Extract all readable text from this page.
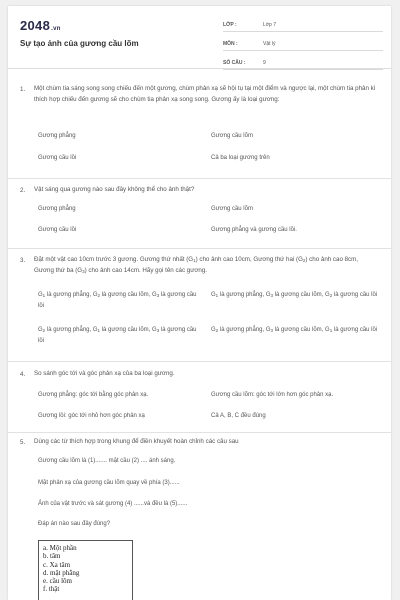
2048.vn
Sự tạo ảnh của gương cầu lõm
LỚP :	Lớp 7
MÔN :	Vật lý
SỐ CÂU :	9
1. Một chùm tia sáng song song chiếu đến một gương, chùm phản xạ sẽ hội tụ tại một điểm và ngược lại, một chùm tia phân kì thích hợp chiếu đến gương sẽ cho chùm tia phản xạ song song. Gương ấy là loại gương:
Gương phẳng	Gương cầu lõm
Gương cầu lồi	Cả ba loại gương trên
2. Vật sáng qua gương nào sau đây không thể cho ảnh thật?
Gương phẳng	Gương cầu lõm
Gương cầu lồi	Gương phẳng và gương cầu lồi.
3. Đặt một vật cao 10cm trước 3 gương. Gương thứ nhất $(G_1)$ cho ảnh cao 10cm, Gương thứ hai $(G_2)$ cho ảnh cao 8cm, Gương thứ ba $(G_3)$ cho ảnh cao 14cm. Hãy gọi tên các gương.
$G_1$ là gương phẳng, $G_2$ là gương cầu lõm, $G_3$ là gương cầu lồi
$G_1$ là gương phẳng, $G_3$ là gương cầu lõm, $G_2$ là gương cầu lồi
$G_2$ là gương phẳng, $G_1$ là gương cầu lõm, $G_3$ là gương cầu lồi
$G_2$ là gương phẳng, $G_3$ là gương cầu lõm, $G_1$ là gương cầu lồi
4. So sánh góc tới và góc phản xạ của ba loại gương.
Gương phẳng: góc tới bằng góc phản xạ.	Gương cầu lõm: góc tới lớn hơn góc phản xạ.
Gương lồi: góc tới nhỏ hơn góc phản xạ	Cả A, B, C đều đúng
5. Dùng các từ thích hợp trong khung để điền khuyết hoàn chỉnh các câu sau
Gương cầu lõm là (1)....... mặt cầu (2) .... ánh sáng.
Mặt phản xạ của gương cầu lõm quay về phía (3)......
Ảnh của vật trước và sát gương (4) ......và đều là (5)......
Đáp án nào sau đây đúng?
a. Một phần
b. tâm
c. Xa tâm
d. mặt phẳng
e. cầu lõm
f. thật
